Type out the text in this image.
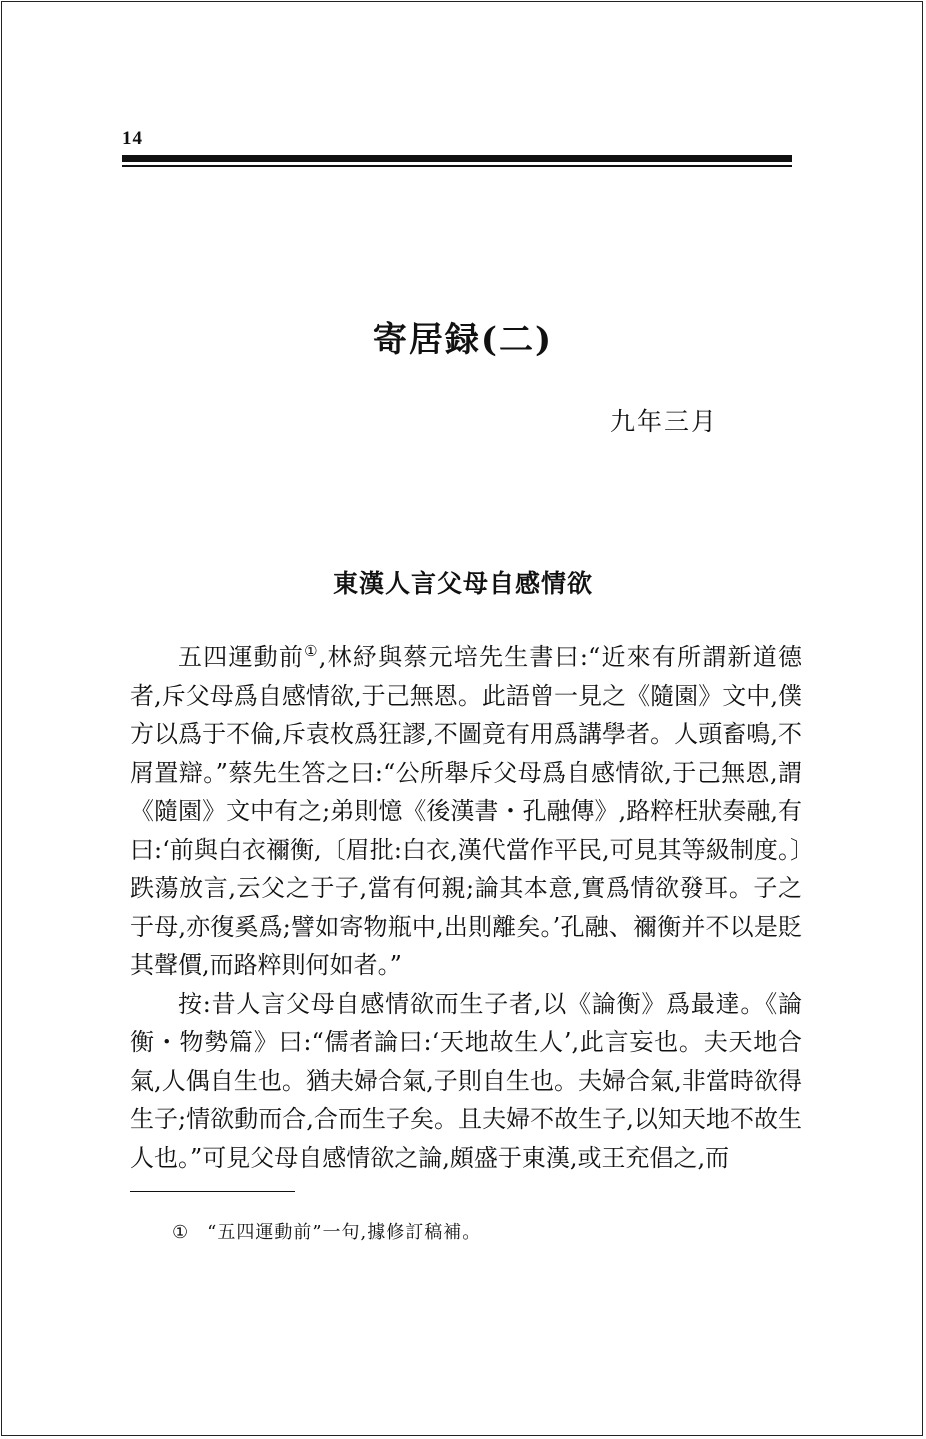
14
寄居録(二)
九年三月
東漢人言父母自感情欲

五四運動前①,林紓與蔡元培先生書曰:“近來有所謂新道德者,斥父母爲自感情欲,于己無恩。此語曾一見之《隨園》文中,僕方以爲于不倫,斥袁枚爲狂謬,不圖竟有用爲講學者。人頭畜鳴,不屑置辯。”蔡先生答之曰:“公所舉斥父母爲自感情欲,于己無恩,謂《隨園》文中有之;弟則憶《後漢書・孔融傳》,路粹枉狀奏融,有曰:‘前與白衣禰衡,〔眉批:白衣,漢代當作平民,可見其等級制度。〕跌蕩放言,云父之于子,當有何親;論其本意,實爲情欲發耳。子之于母,亦復奚爲;譬如寄物瓶中,出則離矣。’孔融、禰衡并不以是貶其聲價,而路粹則何如者。”

按:昔人言父母自感情欲而生子者,以《論衡》爲最達。《論衡・物勢篇》曰:“儒者論曰:‘天地故生人’,此言妄也。夫天地合氣,人偶自生也。猶夫婦合氣,子則自生也。夫婦合氣,非當時欲得生子;情欲動而合,合而生子矣。且夫婦不故生子,以知天地不故生人也。”可見父母自感情欲之論,頗盛于東漢,或王充倡之,而

① “五四運動前”一句,據修訂稿補。
